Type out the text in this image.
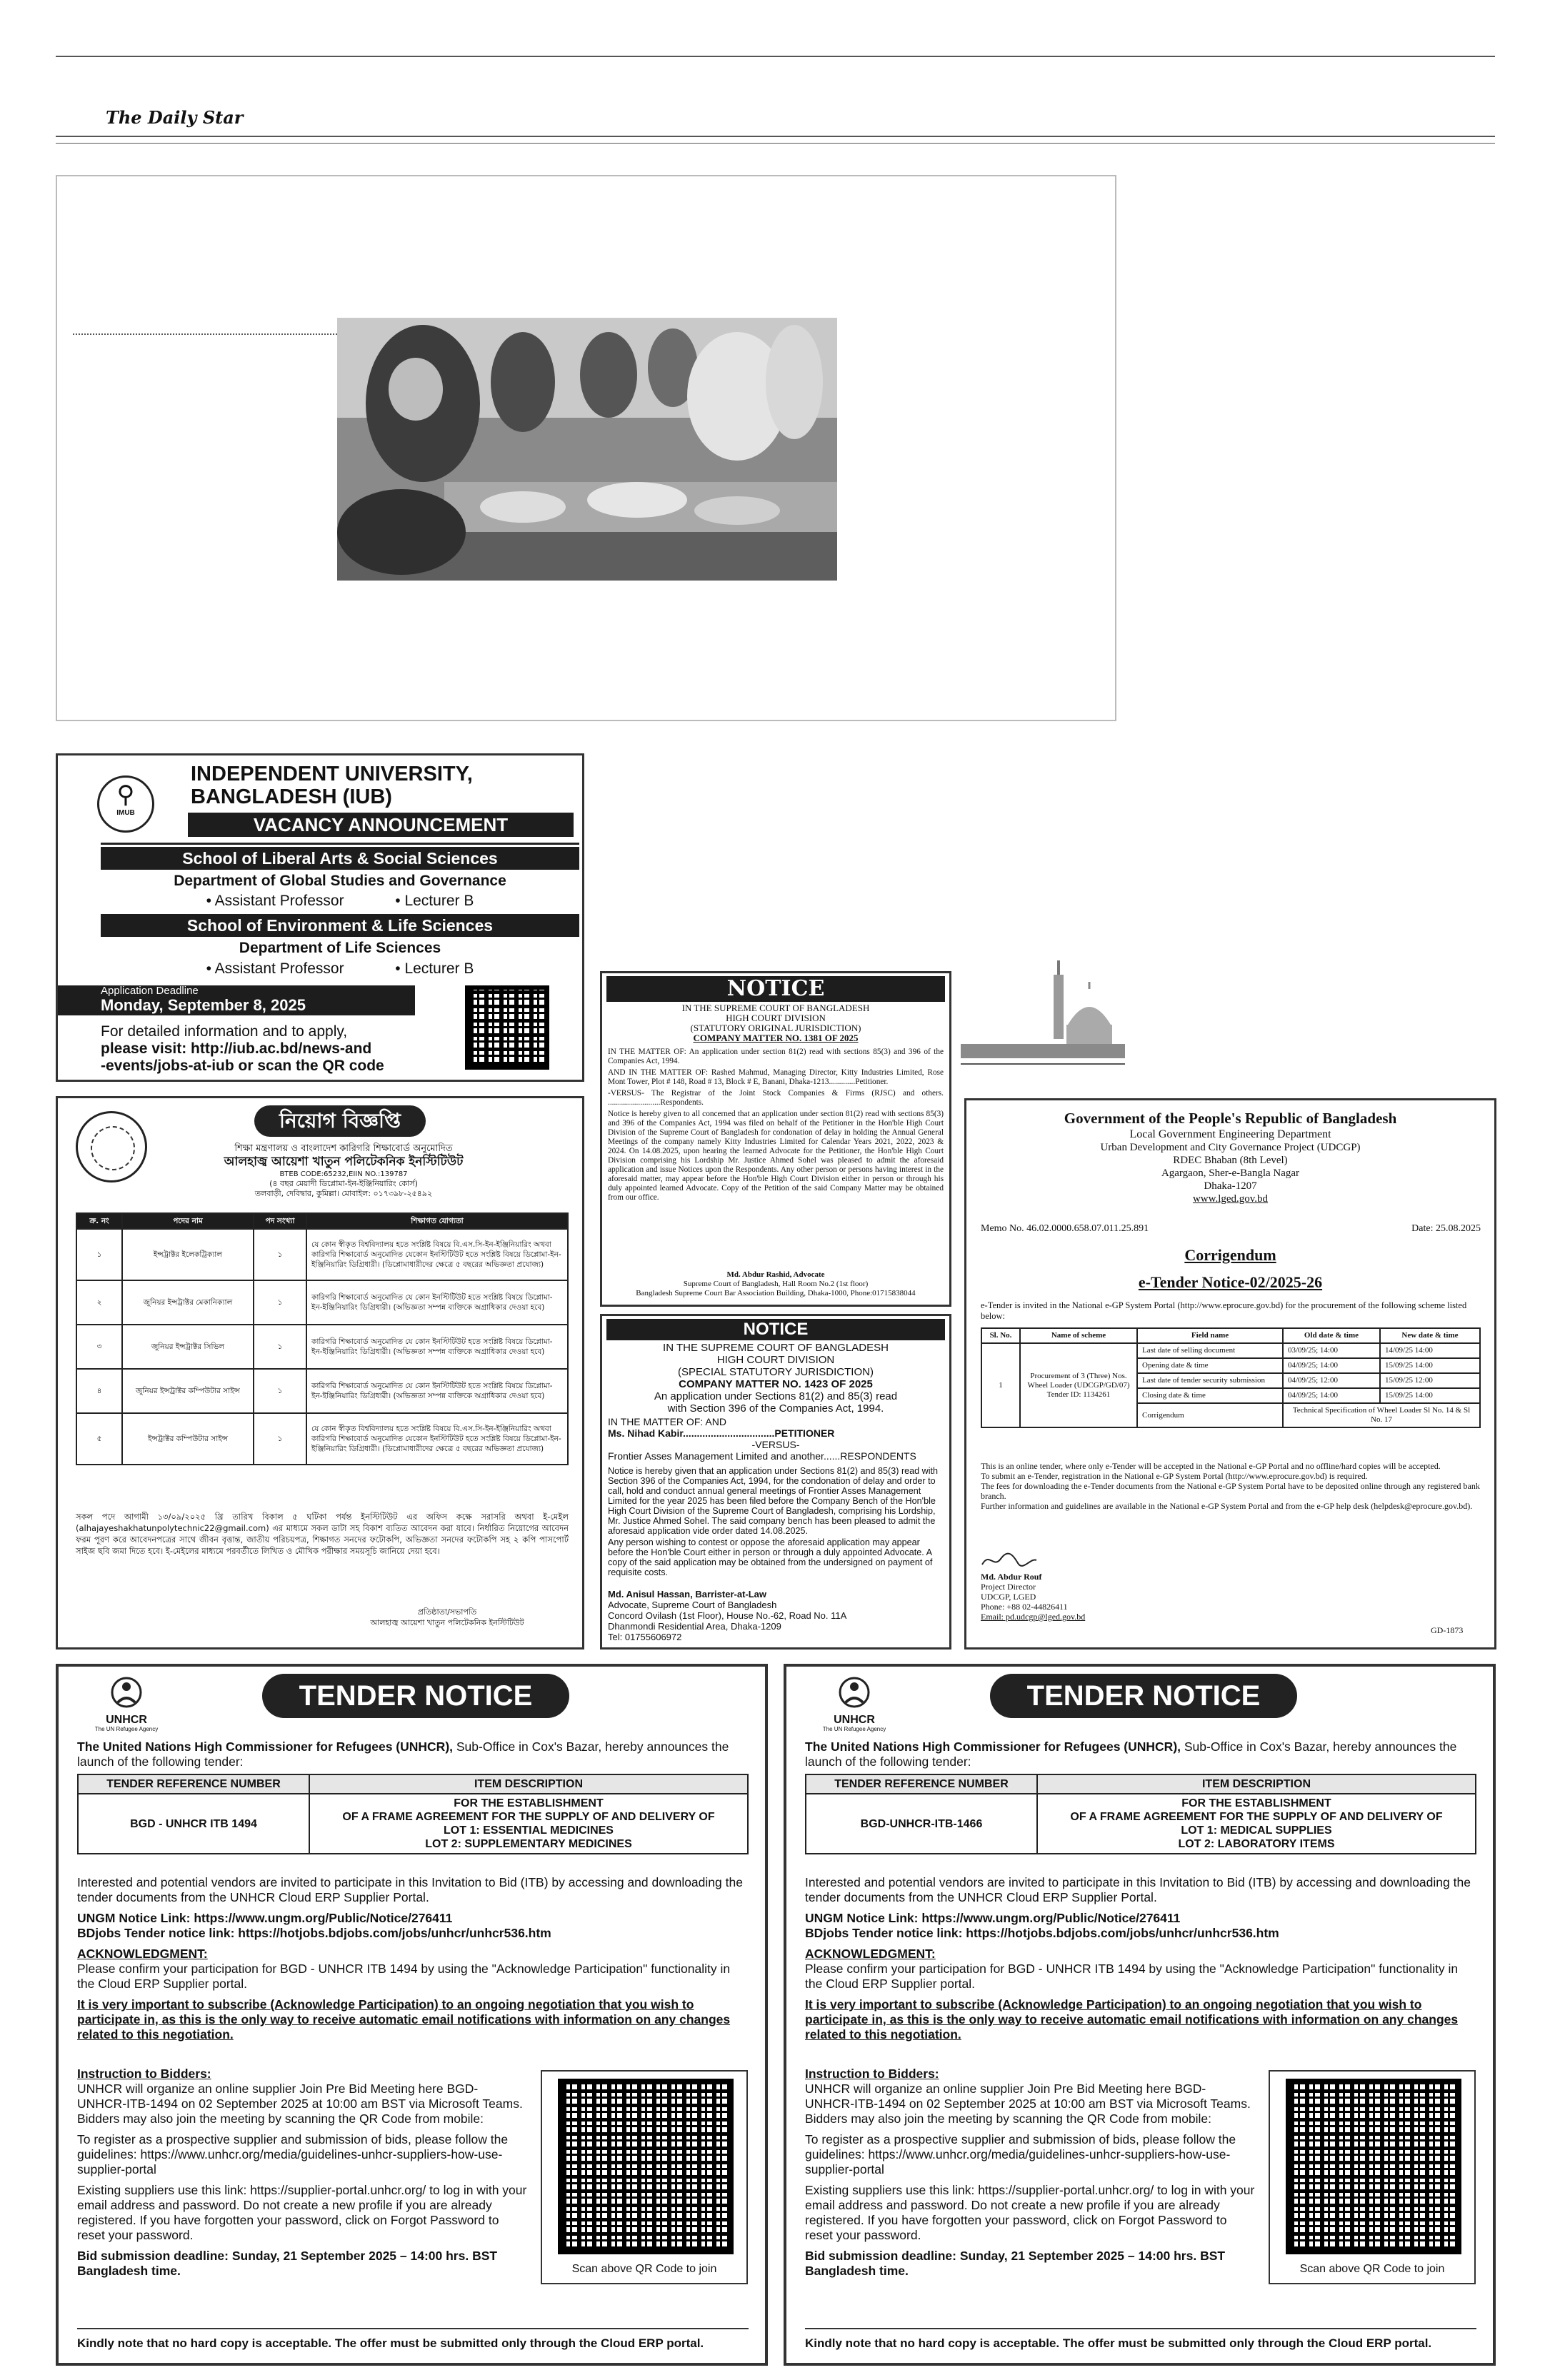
The Daily Star
⚲
IMUB
INDEPENDENT UNIVERSITY,
BANGLADESH (IUB)
VACANCY ANNOUNCEMENT
School of Liberal Arts & Social Sciences
Department of Global Studies and Governance
• Assistant Professor	• Lecturer B
School of Environment & Life Sciences
Department of Life Sciences
• Assistant Professor	• Lecturer B
Application Deadline
Monday, September 8, 2025
For detailed information and to apply,
please visit: http://iub.ac.bd/news-and
-events/jobs-at-iub or scan the QR code
নিয়োগ বিজ্ঞপ্তি
শিক্ষা মন্ত্রণালয় ও বাংলাদেশ কারিগরি শিক্ষাবোর্ড অনুমোদিত
আলহাজ্ব আয়েশা খাতুন পলিটেকনিক ইনস্টিটিউট
BTEB CODE:65232,EIIN NO.:139787
(৪ বছর মেয়াদী ডিপ্লোমা-ইন-ইঞ্জিনিয়ারিং কোর্স)
তলবাড়ী, দেবিদ্বার, কুমিল্লা। মোবাইল: ০১৭৩৯৮-২৫৪৯২
ক্র. নং	পদের নাম	পদ সংখ্যা	শিক্ষাগত যোগ্যতা
১	ইন্সট্রাক্টর ইলেকট্রিক্যাল	১	যে কোন স্বীকৃত বিশ্ববিদ্যালয় হতে সংশ্লিষ্ট বিষয়ে বি.এস.সি-ইন-ইঞ্জিনিয়ারিং অথবা কারিগরি শিক্ষাবোর্ড অনুমোদিত যেকোন ইনস্টিটিউট হতে সংশ্লিষ্ট বিষয়ে ডিপ্লোমা-ইন-ইঞ্জিনিয়ারিং ডিগ্রিধারী। (ডিপ্লোমাধারীদের ক্ষেত্রে ৫ বছরের অভিজ্ঞতা প্রযোজ্য)
২	জুনিয়র ইন্সট্রাক্টর মেকানিক্যাল	১	কারিগরি শিক্ষাবোর্ড অনুমোদিত যে কোন ইনস্টিটিউট হতে সংশ্লিষ্ট বিষয়ে ডিপ্লোমা-ইন-ইঞ্জিনিয়ারিং ডিগ্রিধারী। (অভিজ্ঞতা সম্পন্ন ব্যক্তিকে অগ্রাধিকার দেওয়া হবে)
৩	জুনিয়র ইন্সট্রাক্টর সিভিল	১	কারিগরি শিক্ষাবোর্ড অনুমোদিত যে কোন ইনস্টিটিউট হতে সংশ্লিষ্ট বিষয়ে ডিপ্লোমা-ইন-ইঞ্জিনিয়ারিং ডিগ্রিধারী। (অভিজ্ঞতা সম্পন্ন ব্যক্তিকে অগ্রাধিকার দেওয়া হবে)
৪	জুনিয়র ইন্সট্রাক্টর কম্পিউটার সাইন্স	১	কারিগরি শিক্ষাবোর্ড অনুমোদিত যে কোন ইনস্টিটিউট হতে সংশ্লিষ্ট বিষয়ে ডিপ্লোমা-ইন-ইঞ্জিনিয়ারিং ডিগ্রিধারী। (অভিজ্ঞতা সম্পন্ন ব্যক্তিকে অগ্রাধিকার দেওয়া হবে)
৫	ইন্সট্রাক্টর কম্পিউটার সাইন্স	১	যে কোন স্বীকৃত বিশ্ববিদ্যালয় হতে সংশ্লিষ্ট বিষয়ে বি.এস.সি-ইন-ইঞ্জিনিয়ারিং অথবা কারিগরি শিক্ষাবোর্ড অনুমোদিত যেকোন ইনস্টিটিউট হতে সংশ্লিষ্ট বিষয়ে ডিপ্লোমা-ইন-ইঞ্জিনিয়ারিং ডিগ্রিধারী। (ডিপ্লোমাধারীদের ক্ষেত্রে ৫ বছরের অভিজ্ঞতা প্রযোজ্য)
সকল পদে আগামী ১৩/০৯/২০২৫ খ্রি তারিখ বিকাল ৫ ঘটিকা পর্যন্ত ইনস্টিটিউট এর অফিস কক্ষে সরাসরি অথবা ই-মেইল (alhajayeshakhatunpolytechnic22@gmail.com) এর মাধ্যমে সকল ডাটা সহ বিকাশ ব্যতিত আবেদন করা যাবে। নির্ধারিত নিয়োগের আবেদন ফরম পূরণ করে আবেদনপত্রের সাথে জীবন বৃত্তান্ত, জাতীয় পরিচয়পত্র, শিক্ষাগত সনদের ফটোকপি, অভিজ্ঞতা সনদের ফটোকপি সহ ২ কপি পাসপোর্ট সাইজ ছবি জমা দিতে হবে। ই-মেইলের মাধ্যমে পরবর্তীতে লিখিত ও মৌখিক পরীক্ষার সময়সূচি জানিয়ে দেয়া হবে।
প্রতিষ্ঠাতা/সভাপতি
আলহাজ্ব আয়েশা খাতুন পলিটেকনিক ইনস্টিটিউট
NOTICE
IN THE SUPREME COURT OF BANGLADESH
HIGH COURT DIVISION
(STATUTORY ORIGINAL JURISDICTION)
COMPANY MATTER NO. 1381 OF 2025
IN THE MATTER OF: An application under section 81(2) read with sections 85(3) and 396 of the Companies Act, 1994.
AND IN THE MATTER OF: Rashed Mahmud, Managing Director, Kitty Industries Limited, Rose Mont Tower, Plot # 148, Road # 13, Block # E, Banani, Dhaka-1213.............Petitioner.
-VERSUS- The Registrar of the Joint Stock Companies & Firms (RJSC) and others. ..........................Respondents.
Notice is hereby given to all concerned that an application under section 81(2) read with sections 85(3) and 396 of the Companies Act, 1994 was filed on behalf of the Petitioner in the Hon'ble High Court Division of the Supreme Court of Bangladesh for condonation of delay in holding the Annual General Meetings of the company namely Kitty Industries Limited for Calendar Years 2021, 2022, 2023 & 2024. On 14.08.2025, upon hearing the learned Advocate for the Petitioner, the Hon'ble High Court Division comprising his Lordship Mr. Justice Ahmed Sohel was pleased to admit the aforesaid application and issue Notices upon the Respondents. Any other person or persons having interest in the aforesaid matter, may appear before the Hon'ble High Court Division either in person or through his duly appointed learned Advocate. Copy of the Petition of the said Company Matter may be obtained from our office.
Md. Abdur Rashid, Advocate
Supreme Court of Bangladesh, Hall Room No.2 (1st floor)
Bangladesh Supreme Court Bar Association Building, Dhaka-1000, Phone:01715838044
NOTICE
IN THE SUPREME COURT OF BANGLADESH
HIGH COURT DIVISION
(SPECIAL STATUTORY JURISDICTION)
COMPANY MATTER NO. 1423 OF 2025
An application under Sections 81(2) and 85(3) read
with Section 396 of the Companies Act, 1994.
IN THE MATTER OF: AND
Ms. Nihad Kabir.................................PETITIONER
-VERSUS-
Frontier Asses Management Limited and another......RESPONDENTS
Notice is hereby given that an application under Sections 81(2) and 85(3) read with Section 396 of the Companies Act, 1994, for the condonation of delay and order to call, hold and conduct annual general meetings of Frontier Asses Management Limited for the year 2025 has been filed before the Company Bench of the Hon'ble High Court Division of the Supreme Court of Bangladesh, comprising his Lordship, Mr. Justice Ahmed Sohel. The said company bench has been pleased to admit the aforesaid application vide order dated 14.08.2025.
Any person wishing to contest or oppose the aforesaid application may appear before the Hon'ble Court either in person or through a duly appointed Advocate. A copy of the said application may be obtained from the undersigned on payment of requisite costs.
Md. Anisul Hassan, Barrister-at-Law
Advocate, Supreme Court of Bangladesh
Concord Ovilash (1st Floor), House No.-62, Road No. 11A
Dhanmondi Residential Area, Dhaka-1209
Tel: 01755606972
Government of the People's Republic of Bangladesh
Local Government Engineering Department
Urban Development and City Governance Project (UDCGP)
RDEC Bhaban (8th Level)
Agargaon, Sher-e-Bangla Nagar
Dhaka-1207
www.lged.gov.bd
Memo No. 46.02.0000.658.07.011.25.891	Date: 25.08.2025
Corrigendum
e-Tender Notice-02/2025-26
e-Tender is invited in the National e-GP System Portal (http://www.eprocure.gov.bd) for the procurement of the following scheme listed below:
Sl. No.	Name of scheme	Field name	Old date & time	New date & time
1	Procurement of 3 (Three) Nos. Wheel Loader (UDCGP/GD/07) Tender ID: 1134261	Last date of selling document	03/09/25; 14:00	14/09/25 14:00
		Opening date & time	04/09/25; 14:00	15/09/25 14:00
		Last date of tender security submission	04/09/25; 12:00	15/09/25 12:00
		Closing date & time	04/09/25; 14:00	15/09/25 14:00
		Corrigendum	Technical Specification of Wheel Loader Sl No. 14 & Sl No. 17	
This is an online tender, where only e-Tender will be accepted in the National e-GP Portal and no offline/hard copies will be accepted.
To submit an e-Tender, registration in the National e-GP System Portal (http://www.eprocure.gov.bd) is required.
The fees for downloading the e-Tender documents from the National e-GP System Portal have to be deposited online through any registered bank branch.
Further information and guidelines are available in the National e-GP System Portal and from the e-GP help desk (helpdesk@eprocure.gov.bd).
Md. Abdur Rouf
Project Director
UDCGP, LGED
Phone: +88 02-44826411
Email: pd.udcgp@lged.gov.bd
GD-1873
UNHCR
The UN Refugee Agency
TENDER NOTICE
The United Nations High Commissioner for Refugees (UNHCR), Sub-Office in Cox's Bazar, hereby announces the launch of the following tender:
TENDER REFERENCE NUMBER	ITEM DESCRIPTION
BGD - UNHCR ITB 1494	FOR THE ESTABLISHMENT
OF A FRAME AGREEMENT FOR THE SUPPLY OF AND DELIVERY OF
LOT 1: ESSENTIAL MEDICINES
LOT 2: SUPPLEMENTARY MEDICINES

Interested and potential vendors are invited to participate in this Invitation to Bid (ITB) by accessing and downloading the tender documents from the UNHCR Cloud ERP Supplier Portal.

UNGM Notice Link: https://www.ungm.org/Public/Notice/276411

BDjobs Tender notice link: https://hotjobs.bdjobs.com/jobs/unhcr/unhcr536.htm

ACKNOWLEDGMENT:

Please confirm your participation for BGD - UNHCR ITB 1494 by using the "Acknowledge Participation" functionality in the Cloud ERP Supplier portal.

It is very important to subscribe (Acknowledge Participation) to an ongoing negotiation that you wish to participate in, as this is the only way to receive automatic email notifications with information on any changes related to this negotiation.

Instruction to Bidders:

UNHCR will organize an online supplier Join Pre Bid Meeting here BGD-UNHCR-ITB-1494 on 02 September 2025 at 10:00 am BST via Microsoft Teams. Bidders may also join the meeting by scanning the QR Code from mobile:

To register as a prospective supplier and submission of bids, please follow the guidelines: https://www.unhcr.org/media/guidelines-unhcr-suppliers-how-use-supplier-portal

Existing suppliers use this link: https://supplier-portal.unhcr.org/ to log in with your email address and password. Do not create a new profile if you are already registered. If you have forgotten your password, click on Forgot Password to reset your password.

Bid submission deadline: Sunday, 21 September 2025 – 14:00 hrs. BST Bangladesh time.	Scan above QR Code to join
Kindly note that no hard copy is acceptable. The offer must be submitted only through the Cloud ERP portal.
UNHCR
The UN Refugee Agency
TENDER NOTICE
The United Nations High Commissioner for Refugees (UNHCR), Sub-Office in Cox's Bazar, hereby announces the launch of the following tender:
TENDER REFERENCE NUMBER	ITEM DESCRIPTION
BGD-UNHCR-ITB-1466	FOR THE ESTABLISHMENT
OF A FRAME AGREEMENT FOR THE SUPPLY OF AND DELIVERY OF
LOT 1: MEDICAL SUPPLIES
LOT 2: LABORATORY ITEMS

Interested and potential vendors are invited to participate in this Invitation to Bid (ITB) by accessing and downloading the tender documents from the UNHCR Cloud ERP Supplier Portal.

UNGM Notice Link: https://www.ungm.org/Public/Notice/276411

BDjobs Tender notice link: https://hotjobs.bdjobs.com/jobs/unhcr/unhcr536.htm

ACKNOWLEDGMENT:

Please confirm your participation for BGD - UNHCR ITB 1494 by using the "Acknowledge Participation" functionality in the Cloud ERP Supplier portal.

It is very important to subscribe (Acknowledge Participation) to an ongoing negotiation that you wish to participate in, as this is the only way to receive automatic email notifications with information on any changes related to this negotiation.

Instruction to Bidders:

UNHCR will organize an online supplier Join Pre Bid Meeting here BGD-UNHCR-ITB-1494 on 02 September 2025 at 10:00 am BST via Microsoft Teams. Bidders may also join the meeting by scanning the QR Code from mobile:

To register as a prospective supplier and submission of bids, please follow the guidelines: https://www.unhcr.org/media/guidelines-unhcr-suppliers-how-use-supplier-portal

Existing suppliers use this link: https://supplier-portal.unhcr.org/ to log in with your email address and password. Do not create a new profile if you are already registered. If you have forgotten your password, click on Forgot Password to reset your password.

Bid submission deadline: Sunday, 21 September 2025 – 14:00 hrs. BST Bangladesh time.	Scan above QR Code to join
Kindly note that no hard copy is acceptable. The offer must be submitted only through the Cloud ERP portal.
